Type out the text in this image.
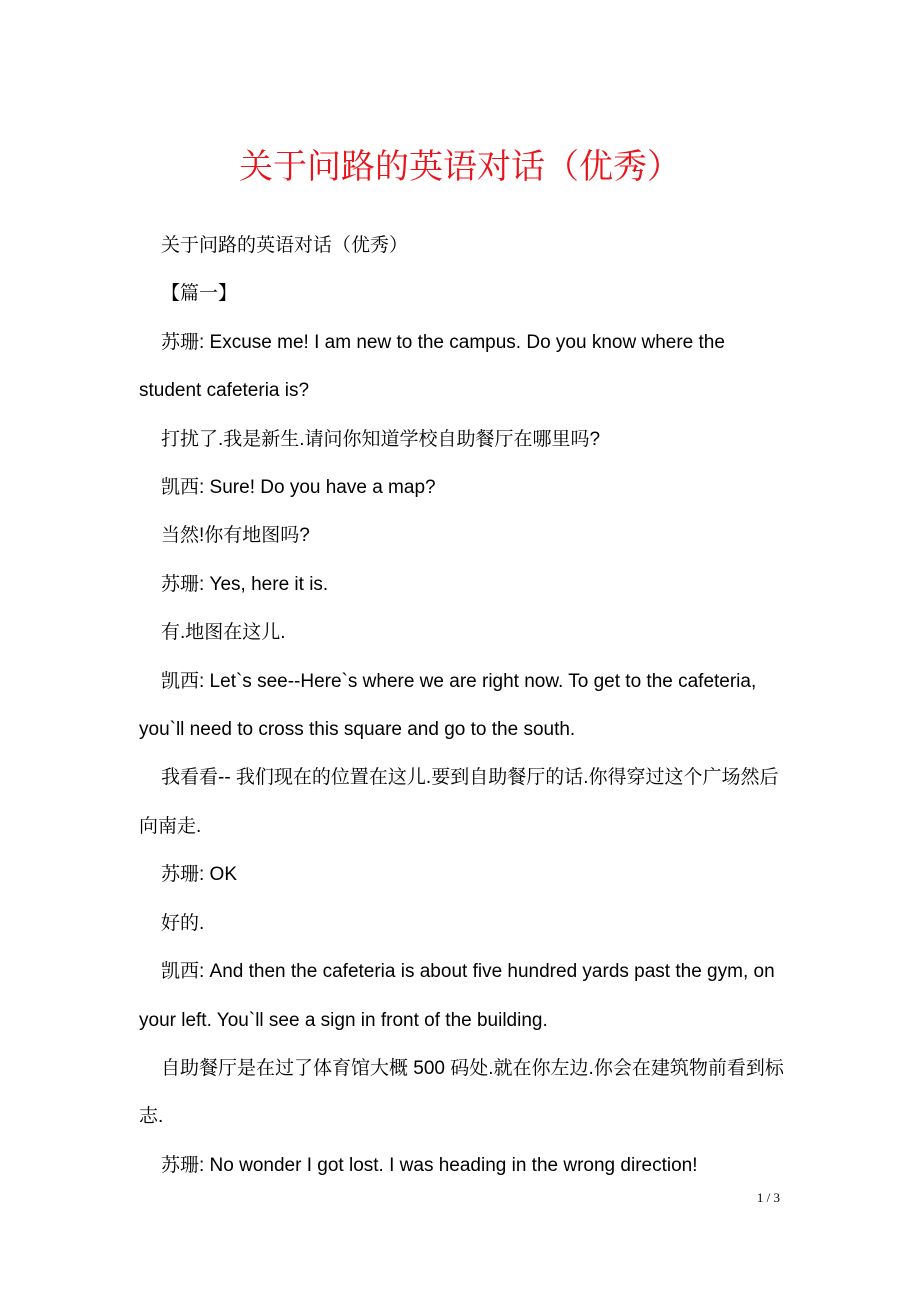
关于问路的英语对话（优秀）

关于问路的英语对话（优秀）

【篇一】

苏珊: Excuse me! I am new to the campus. Do you know where the student cafeteria is?

打扰了.我是新生.请问你知道学校自助餐厅在哪里吗?

凯西: Sure! Do you have a map?

当然!你有地图吗?

苏珊: Yes, here it is.

有.地图在这儿.

凯西: Let`s see--Here`s where we are right now. To get to the cafeteria, you`ll need to cross this square and go to the south.

我看看-- 我们现在的位置在这儿.要到自助餐厅的话.你得穿过这个广场然后向南走.

苏珊: OK

好的.

凯西: And then the cafeteria is about five hundred yards past the gym, on your left. You`ll see a sign in front of the building.

自助餐厅是在过了体育馆大概 500 码处.就在你左边.你会在建筑物前看到标志.

苏珊: No wonder I got lost. I was heading in the wrong direction!

1 / 3
